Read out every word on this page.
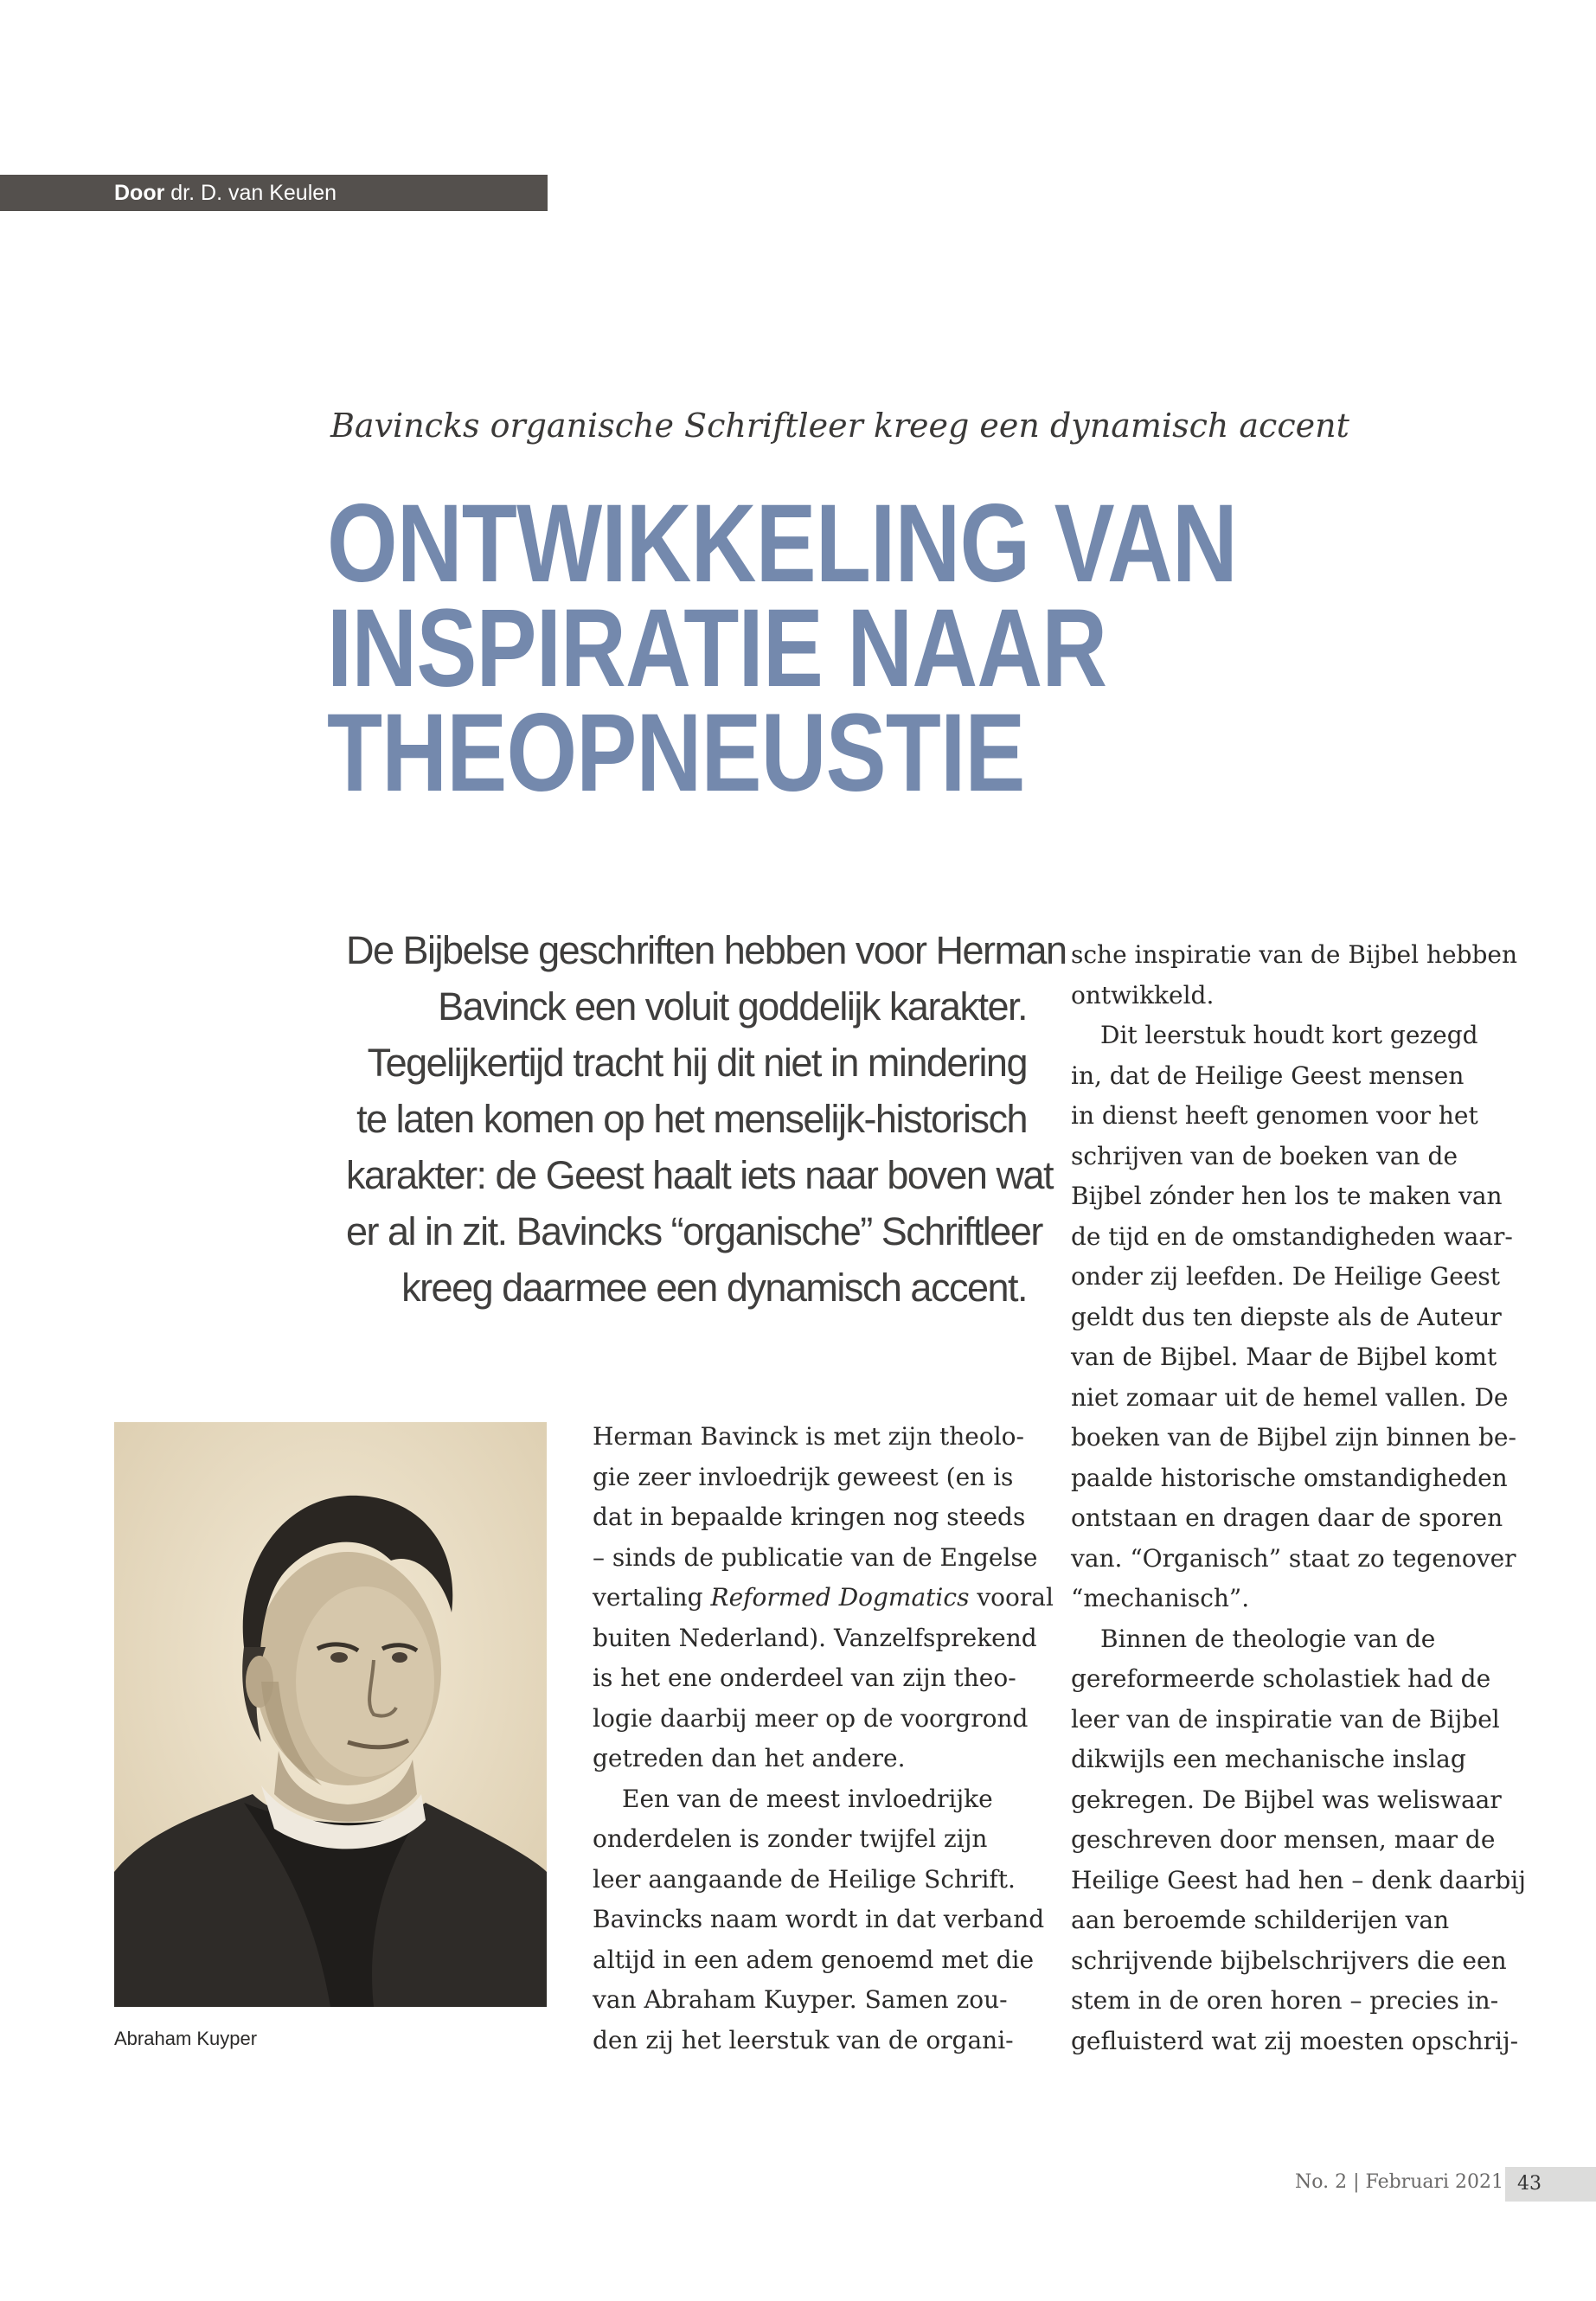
Door dr. D. van Keulen
Bavincks organische Schriftleer kreeg een dynamisch accent
ONTWIKKELING VAN
INSPIRATIE NAAR
THEOPNEUSTIE
De Bijbelse geschriften hebben voor Herman
Bavinck een voluit goddelijk karakter.
Tegelijkertijd tracht hij dit niet in mindering
te laten komen op het menselijk-historisch
karakter: de Geest haalt iets naar boven wat
er al in zit. Bavincks “organische” Schriftleer
kreeg daarmee een dynamisch accent.
Abraham Kuyper
Herman Bavinck is met zijn theolo-
gie zeer invloedrijk geweest (en is
dat in bepaalde kringen nog steeds
– sinds de publicatie van de Engelse
vertaling Reformed Dogmatics vooral
buiten Nederland). Vanzelfsprekend
is het ene onderdeel van zijn theo-
logie daarbij meer op de voorgrond
getreden dan het andere.
Een van de meest invloedrijke
onderdelen is zonder twijfel zijn
leer aangaande de Heilige Schrift.
Bavincks naam wordt in dat verband
altijd in een adem genoemd met die
van Abraham Kuyper. Samen zou-
den zij het leerstuk van de organi-
sche inspiratie van de Bijbel hebben
ontwikkeld.
Dit leerstuk houdt kort gezegd
in, dat de Heilige Geest mensen
in dienst heeft genomen voor het
schrijven van de boeken van de
Bijbel zónder hen los te maken van
de tijd en de omstandigheden waar-
onder zij leefden. De Heilige Geest
geldt dus ten diepste als de Auteur
van de Bijbel. Maar de Bijbel komt
niet zomaar uit de hemel vallen. De
boeken van de Bijbel zijn binnen be-
paalde historische omstandigheden
ontstaan en dragen daar de sporen
van. “Organisch” staat zo tegenover
“mechanisch”.
Binnen de theologie van de
gereformeerde scholastiek had de
leer van de inspiratie van de Bijbel
dikwijls een mechanische inslag
gekregen. De Bijbel was weliswaar
geschreven door mensen, maar de
Heilige Geest had hen – denk daarbij
aan beroemde schilderijen van
schrijvende bijbelschrijvers die een
stem in de oren horen – precies in-
gefluisterd wat zij moesten opschrij-
No. 2 | Februari 2021 43
